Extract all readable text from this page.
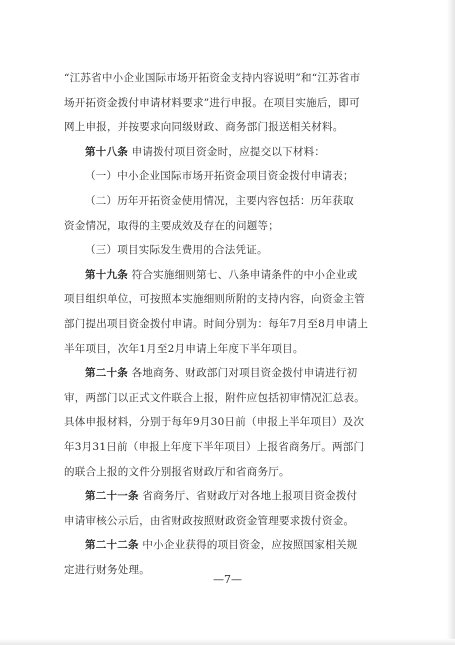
“江苏省中小企业国际市场开拓资金支持内容说明”和“江苏省市
场开拓资金拨付申请材料要求”进行申报。在项目实施后，即可
网上申报，并按要求向同级财政、商务部门报送相关材料。
第十八条 申请拨付项目资金时，应提交以下材料：
（一）中小企业国际市场开拓资金项目资金拨付申请表；
（二）历年开拓资金使用情况，主要内容包括：历年获取
资金情况，取得的主要成效及存在的问题等；
（三）项目实际发生费用的合法凭证。
第十九条 符合实施细则第七、八条申请条件的中小企业或
项目组织单位，可按照本实施细则所附的支持内容，向资金主管
部门提出项目资金拨付申请。时间分别为：每年7月至8月申请上
半年项目，次年1月至2月申请上年度下半年项目。
第二十条 各地商务、财政部门对项目资金拨付申请进行初
审，两部门以正式文件联合上报，附件应包括初审情况汇总表。
具体申报材料，分别于每年9月30日前（申报上半年项目）及次
年3月31日前（申报上年度下半年项目）上报省商务厅。两部门
的联合上报的文件分别报省财政厅和省商务厅。
第二十一条 省商务厅、省财政厅对各地上报项目资金拨付
申请审核公示后，由省财政按照财政资金管理要求拨付资金。
第二十二条 中小企业获得的项目资金，应按照国家相关规
定进行财务处理。
—7—
